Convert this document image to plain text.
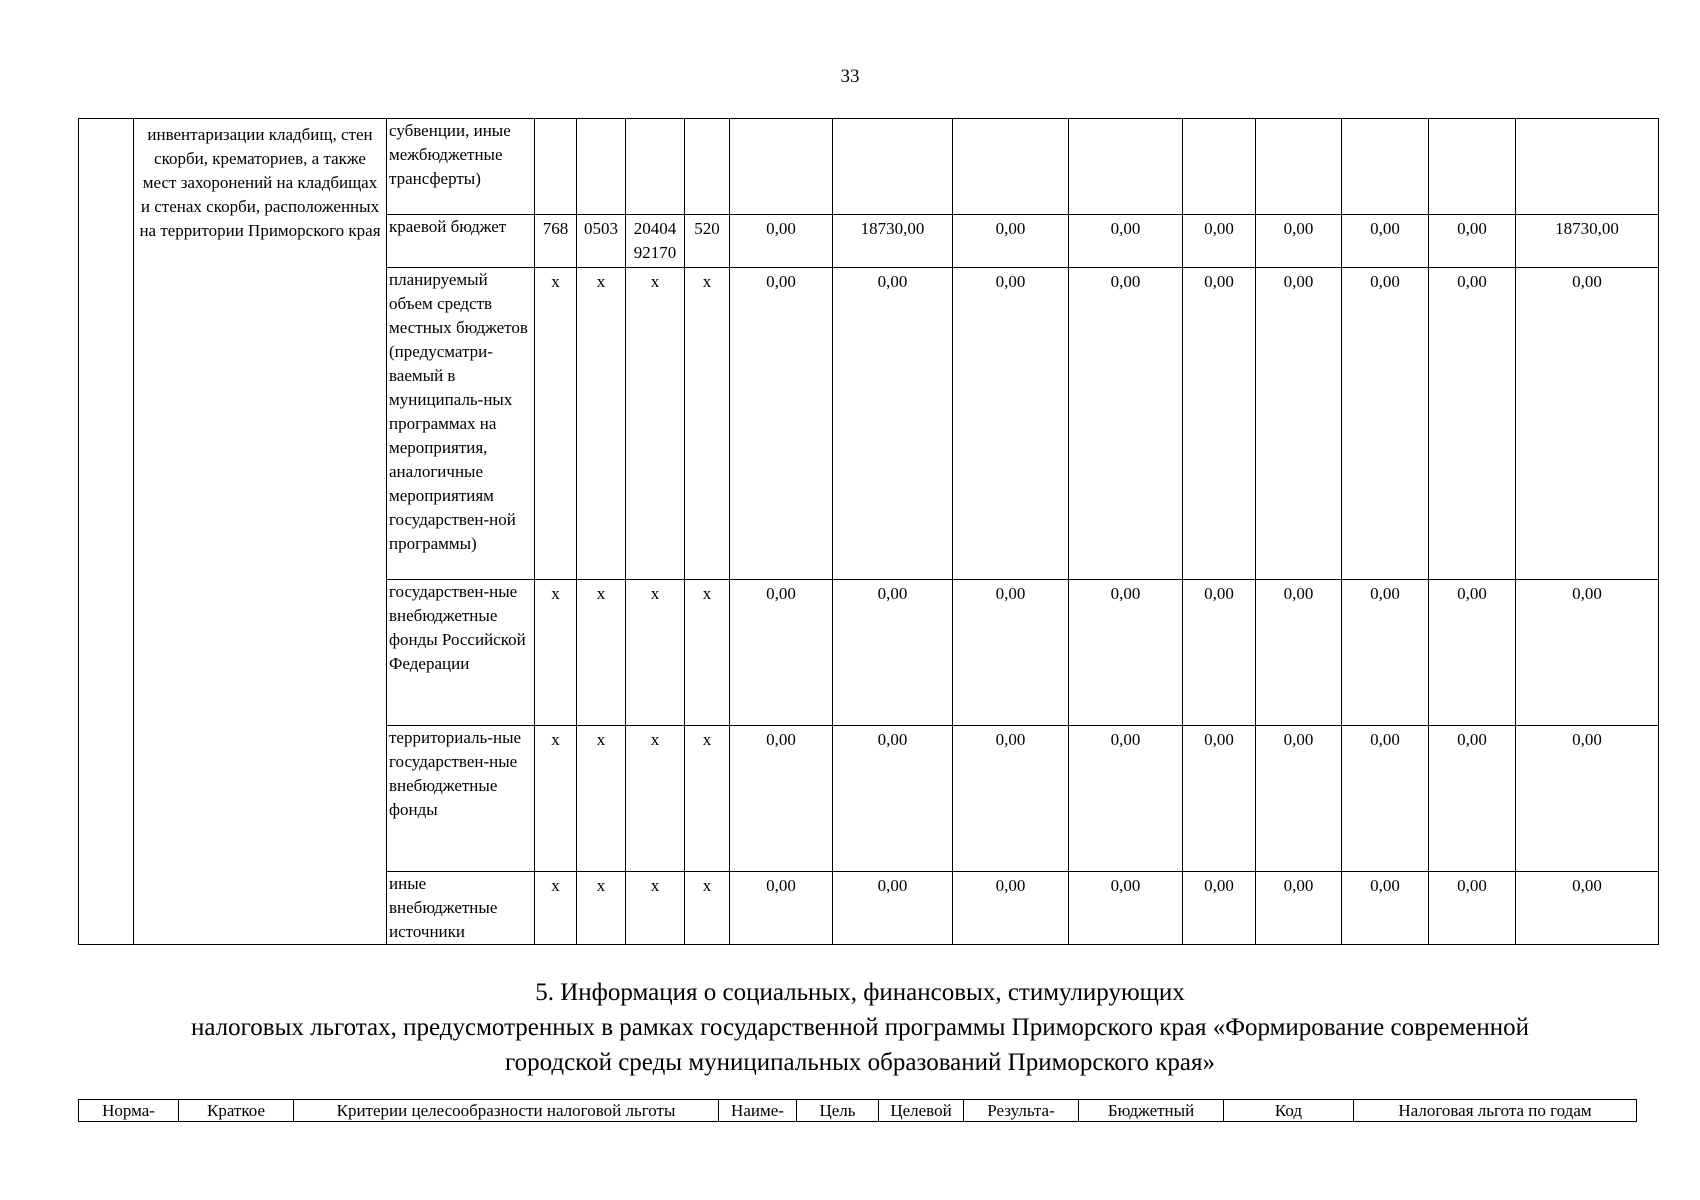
33
	инвентаризации кладбищ, стен скорби, крематориев, а также мест захоронений на кладбищах и стенах скорби, расположенных на территории Приморского края	субвенции, иные межбюджетные трансферты)													
		краевой бюджет	768	0503	20404 92170	520	0,00	18730,00	0,00	0,00	0,00	0,00	0,00	0,00	18730,00
		планируемый объем средств местных бюджетов (предусматри-ваемый в муниципаль-ных программах на мероприятия, аналогичные мероприятиям государствен-ной программы)	x	x	x	x	0,00	0,00	0,00	0,00	0,00	0,00	0,00	0,00	0,00
		государствен-ные внебюджетные фонды Российской Федерации	x	x	x	x	0,00	0,00	0,00	0,00	0,00	0,00	0,00	0,00	0,00
		территориаль-ные государствен-ные внебюджетные фонды	x	x	x	x	0,00	0,00	0,00	0,00	0,00	0,00	0,00	0,00	0,00
		иные внебюджетные источники	x	x	x	x	0,00	0,00	0,00	0,00	0,00	0,00	0,00	0,00	0,00
5. Информация о социальных, финансовых, стимулирующих
налоговых льготах, предусмотренных в рамках государственной программы Приморского края «Формирование современной
городской среды муниципальных образований Приморского края»
Норма-	Краткое	Критерии целесообразности налоговой льготы	Наиме-	Цель	Целевой	Результа-	Бюджетный	Код	Налоговая льгота по годам
